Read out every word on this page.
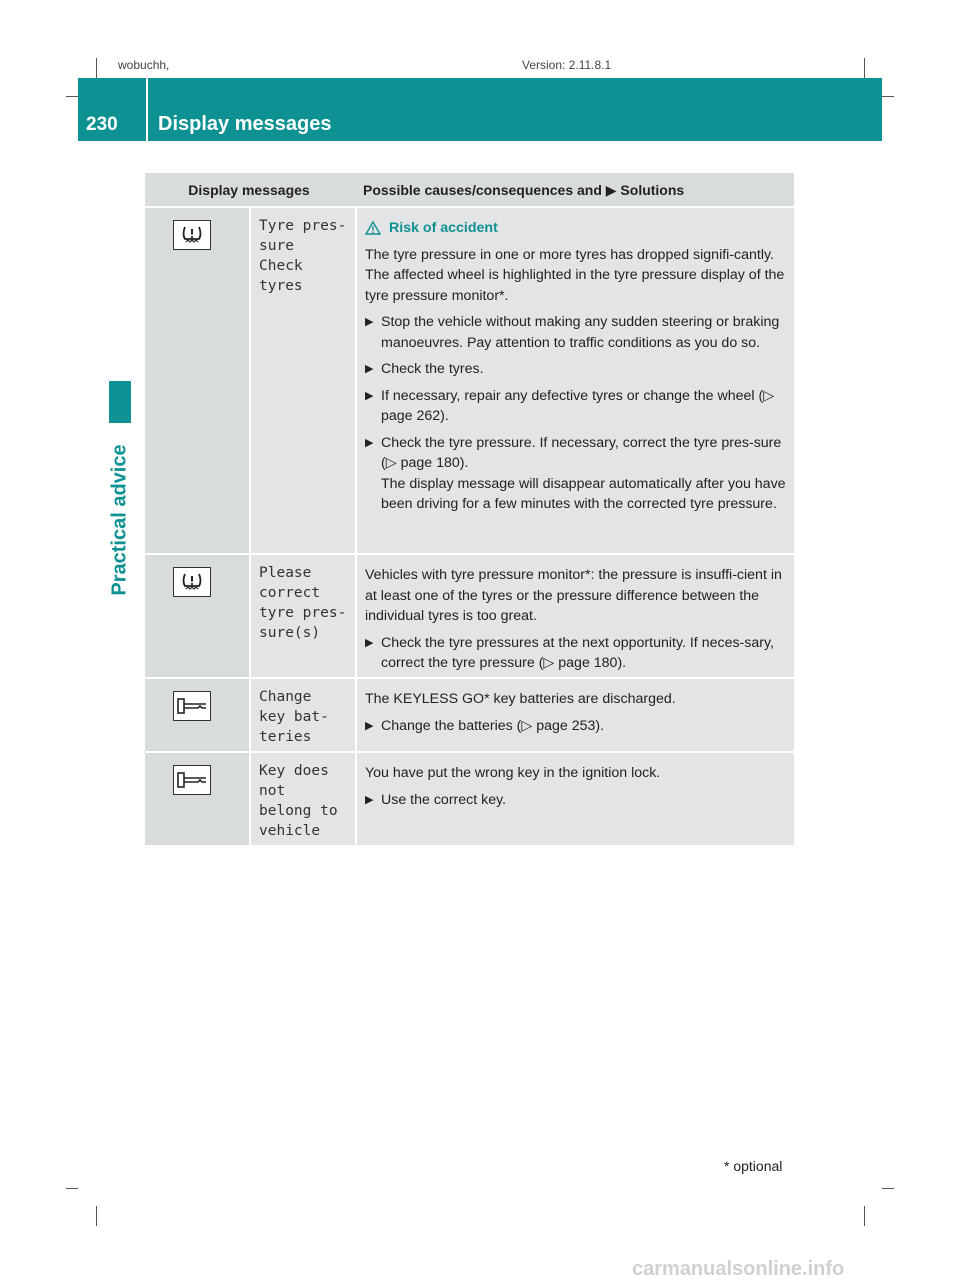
wobuchh,	Version: 2.11.8.1
230 Display messages
Practical advice
Display messages	Possible causes/consequences and ▶ Solutions
Tyre pres-
sure
Check
tyres
Risk of accident
The tyre pressure in one or more tyres has dropped signifi-cantly. The affected wheel is highlighted in the tyre pressure display of the tyre pressure monitor*.
▶ Stop the vehicle without making any sudden steering or braking manoeuvres. Pay attention to traffic conditions as you do so.
▶ Check the tyres.
▶ If necessary, repair any defective tyres or change the wheel (▷ page 262).
▶ Check the tyre pressure. If necessary, correct the tyre pres-sure (▷ page 180).
The display message will disappear automatically after you have been driving for a few minutes with the corrected tyre pressure.
Please
correct
tyre pres-
sure(s)
Vehicles with tyre pressure monitor*: the pressure is insuffi-cient in at least one of the tyres or the pressure difference between the individual tyres is too great.
▶ Check the tyre pressures at the next opportunity. If neces-sary, correct the tyre pressure (▷ page 180).
Change
key bat-
teries
The KEYLESS GO* key batteries are discharged.
▶ Change the batteries (▷ page 253).
Key does
not
belong to
vehicle
You have put the wrong key in the ignition lock.
▶ Use the correct key.
* optional
carmanualsonline.info
